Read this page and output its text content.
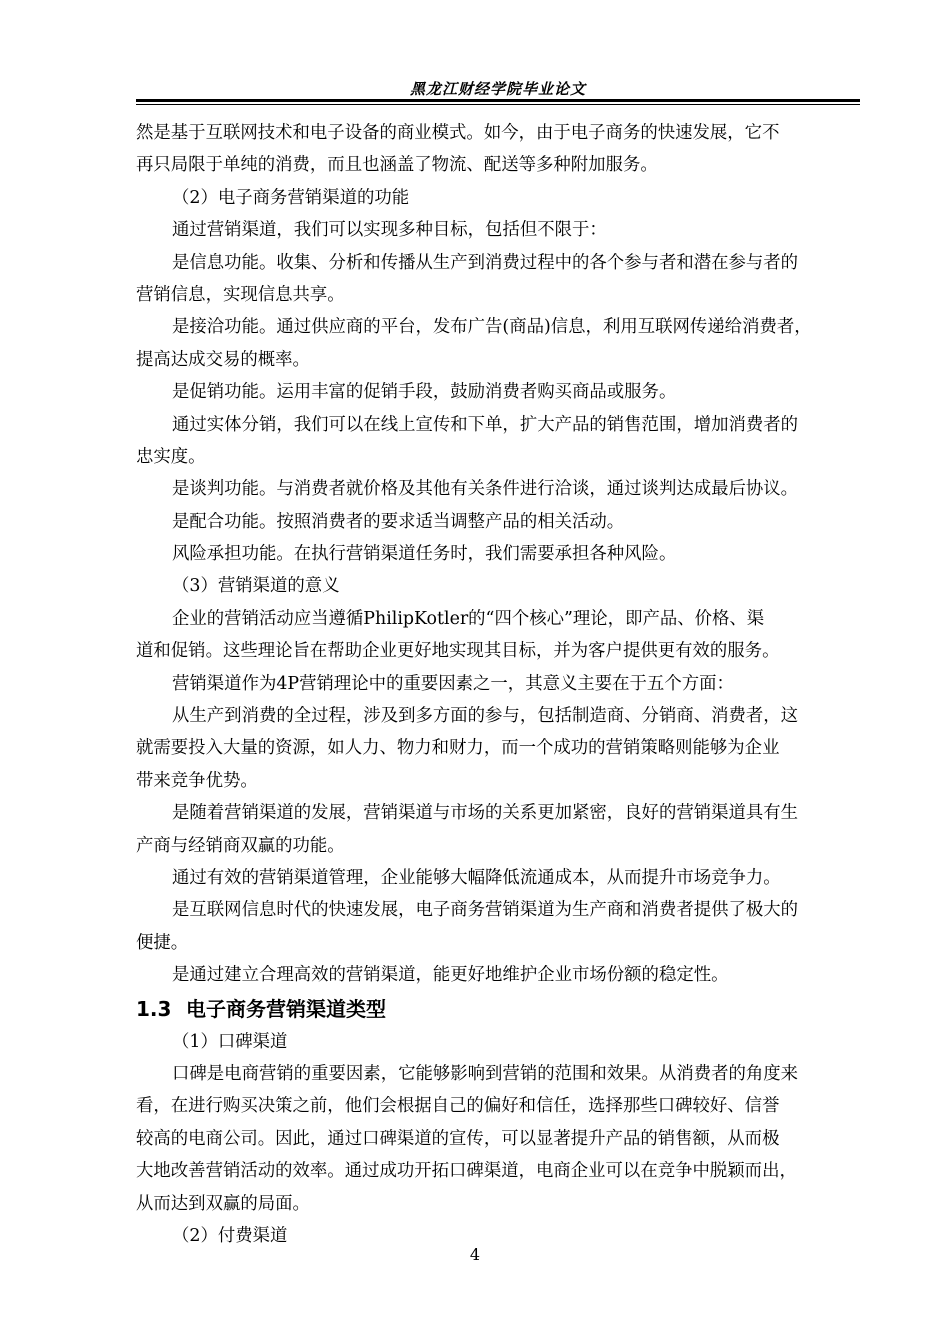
黑龙江财经学院毕业论文
然是基于互联网技术和电子设备的商业模式。如今，由于电子商务的快速发展，它不
再只局限于单纯的消费，而且也涵盖了物流、配送等多种附加服务。
（2）电子商务营销渠道的功能
通过营销渠道，我们可以实现多种目标，包括但不限于：
是信息功能。收集、分析和传播从生产到消费过程中的各个参与者和潜在参与者的
营销信息，实现信息共享。
是接洽功能。通过供应商的平台，发布广告(商品)信息，利用互联网传递给消费者，
提高达成交易的概率。
是促销功能。运用丰富的促销手段，鼓励消费者购买商品或服务。
通过实体分销，我们可以在线上宣传和下单，扩大产品的销售范围，增加消费者的
忠实度。
是谈判功能。与消费者就价格及其他有关条件进行洽谈，通过谈判达成最后协议。
是配合功能。按照消费者的要求适当调整产品的相关活动。
风险承担功能。在执行营销渠道任务时，我们需要承担各种风险。
（3）营销渠道的意义
企业的营销活动应当遵循PhilipKotler的“四个核心”理论，即产品、价格、渠
道和促销。这些理论旨在帮助企业更好地实现其目标，并为客户提供更有效的服务。
营销渠道作为4P营销理论中的重要因素之一，其意义主要在于五个方面：
从生产到消费的全过程，涉及到多方面的参与，包括制造商、分销商、消费者，这
就需要投入大量的资源，如人力、物力和财力，而一个成功的营销策略则能够为企业
带来竞争优势。
是随着营销渠道的发展，营销渠道与市场的关系更加紧密，良好的营销渠道具有生
产商与经销商双赢的功能。
通过有效的营销渠道管理，企业能够大幅降低流通成本，从而提升市场竞争力。
是互联网信息时代的快速发展，电子商务营销渠道为生产商和消费者提供了极大的
便捷。
是通过建立合理高效的营销渠道，能更好地维护企业市场份额的稳定性。
1.3 电子商务营销渠道类型
（1）口碑渠道
口碑是电商营销的重要因素，它能够影响到营销的范围和效果。从消费者的角度来
看，在进行购买决策之前，他们会根据自己的偏好和信任，选择那些口碑较好、信誉
较高的电商公司。因此，通过口碑渠道的宣传，可以显著提升产品的销售额，从而极
大地改善营销活动的效率。通过成功开拓口碑渠道，电商企业可以在竞争中脱颖而出，
从而达到双赢的局面。
（2）付费渠道
4
